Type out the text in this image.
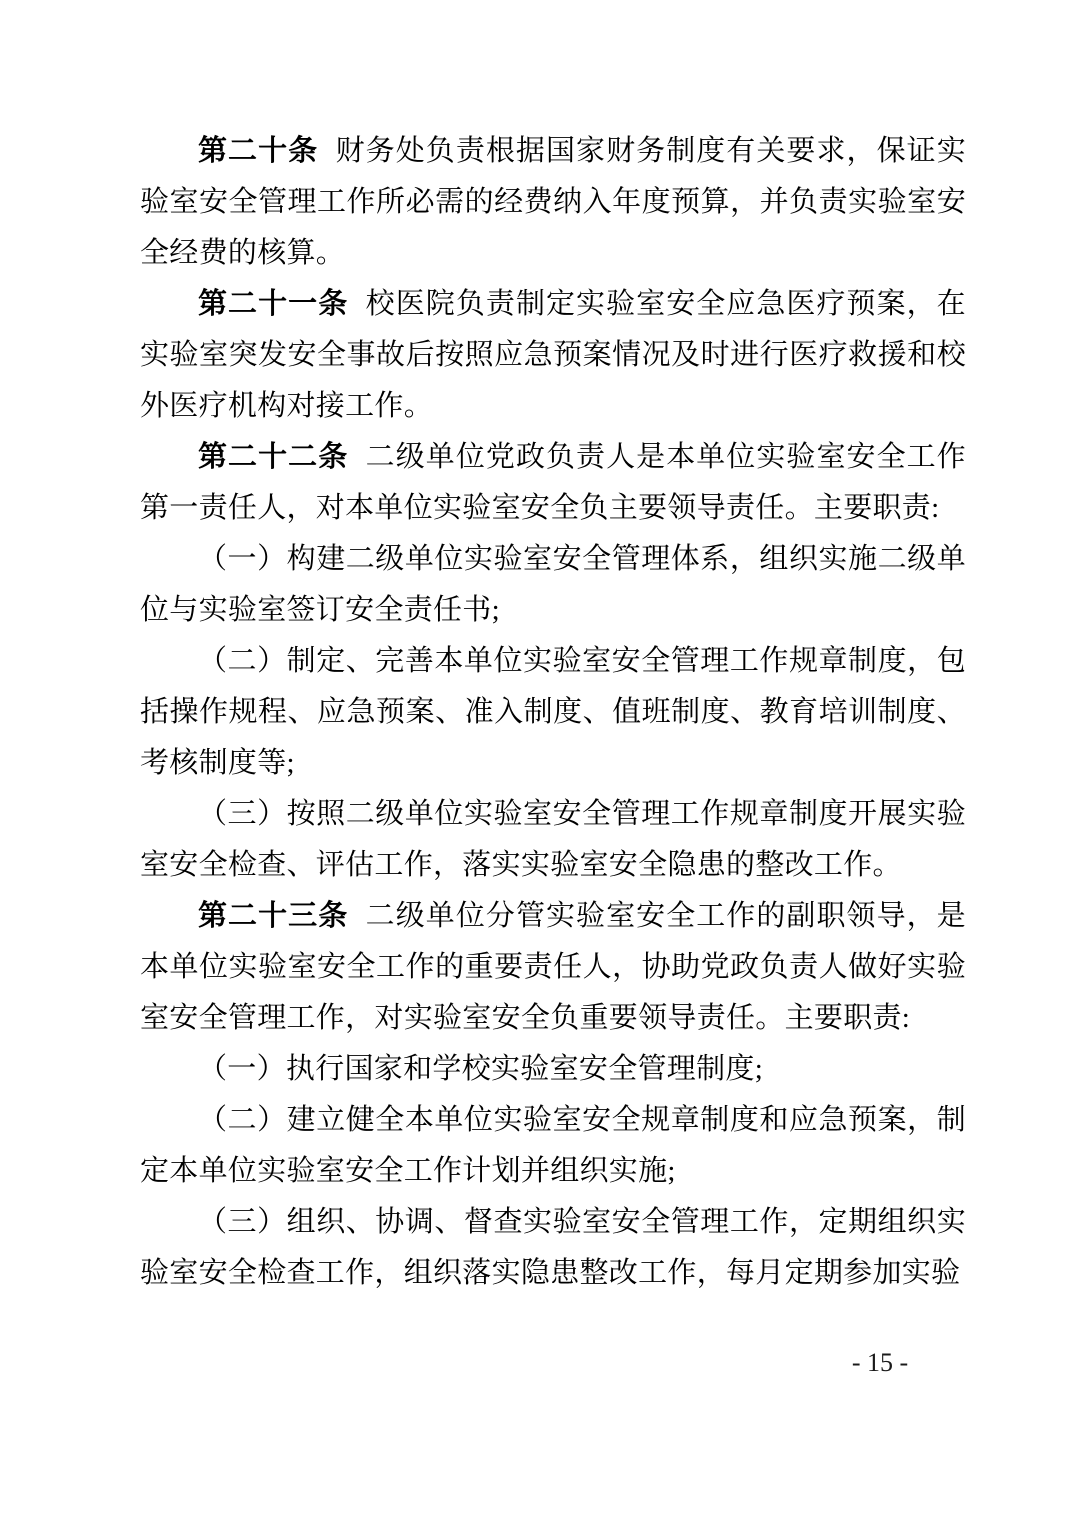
第二十条 财务处负责根据国家财务制度有关要求，保证实验室安全管理工作所必需的经费纳入年度预算，并负责实验室安全经费的核算。

第二十一条 校医院负责制定实验室安全应急医疗预案，在实验室突发安全事故后按照应急预案情况及时进行医疗救援和校外医疗机构对接工作。

第二十二条 二级单位党政负责人是本单位实验室安全工作第一责任人，对本单位实验室安全负主要领导责任。主要职责:

（一）构建二级单位实验室安全管理体系，组织实施二级单位与实验室签订安全责任书;

（二）制定、完善本单位实验室安全管理工作规章制度，包括操作规程、应急预案、准入制度、值班制度、教育培训制度、考核制度等;

（三）按照二级单位实验室安全管理工作规章制度开展实验室安全检查、评估工作，落实实验室安全隐患的整改工作。

第二十三条 二级单位分管实验室安全工作的副职领导，是本单位实验室安全工作的重要责任人，协助党政负责人做好实验室安全管理工作，对实验室安全负重要领导责任。主要职责:

（一）执行国家和学校实验室安全管理制度;

（二）建立健全本单位实验室安全规章制度和应急预案，制定本单位实验室安全工作计划并组织实施;

（三）组织、协调、督查实验室安全管理工作，定期组织实验室安全检查工作，组织落实隐患整改工作，每月定期参加实验

- 15 -
